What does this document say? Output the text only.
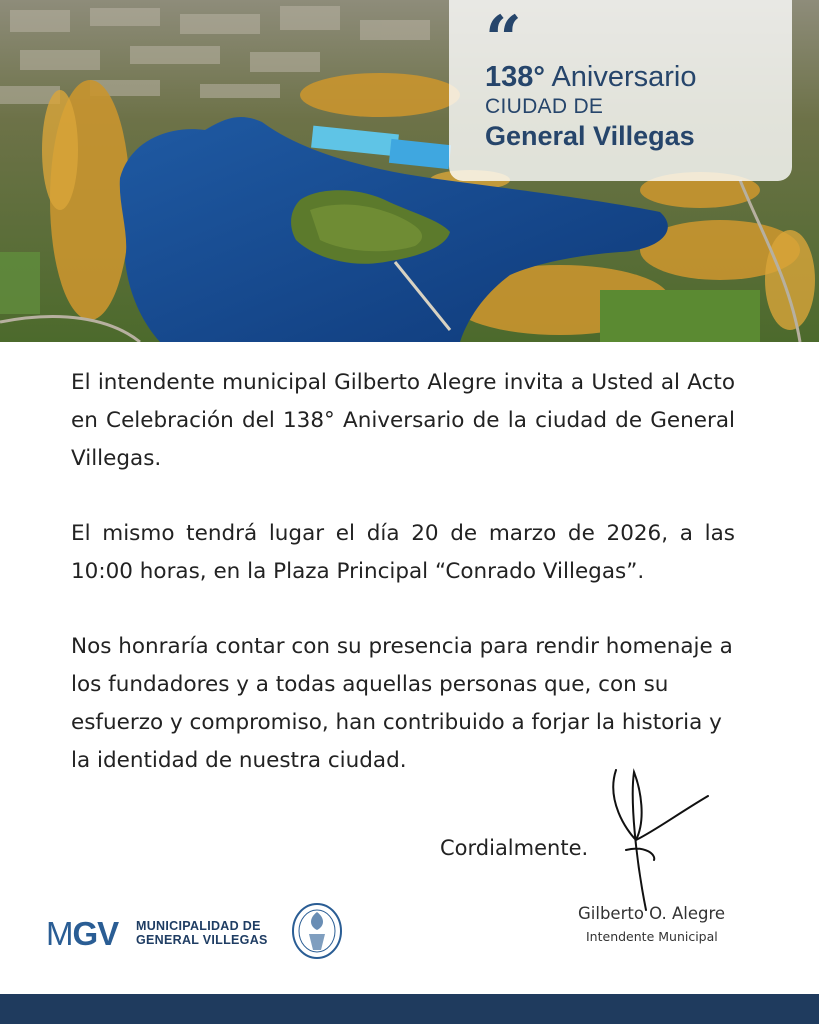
“
138° Aniversario
CIUDAD DE
General Villegas

El intendente municipal Gilberto Alegre invita a Usted al Acto en Celebración del 138° Aniversario de la ciudad de General Villegas.

El mismo tendrá lugar el día 20 de marzo de 2026, a las 10:00 horas, en la Plaza Principal “Conrado Villegas”.

Nos honraría contar con su presencia para rendir homenaje a los fundadores y a todas aquellas personas que, con su esfuerzo y compromiso, han contribuido a forjar la historia y la identidad de nuestra ciudad.

Cordialmente.
Gilberto O. Alegre
Intendente Municipal
MGV MUNICIPALIDAD DE
GENERAL VILLEGAS
